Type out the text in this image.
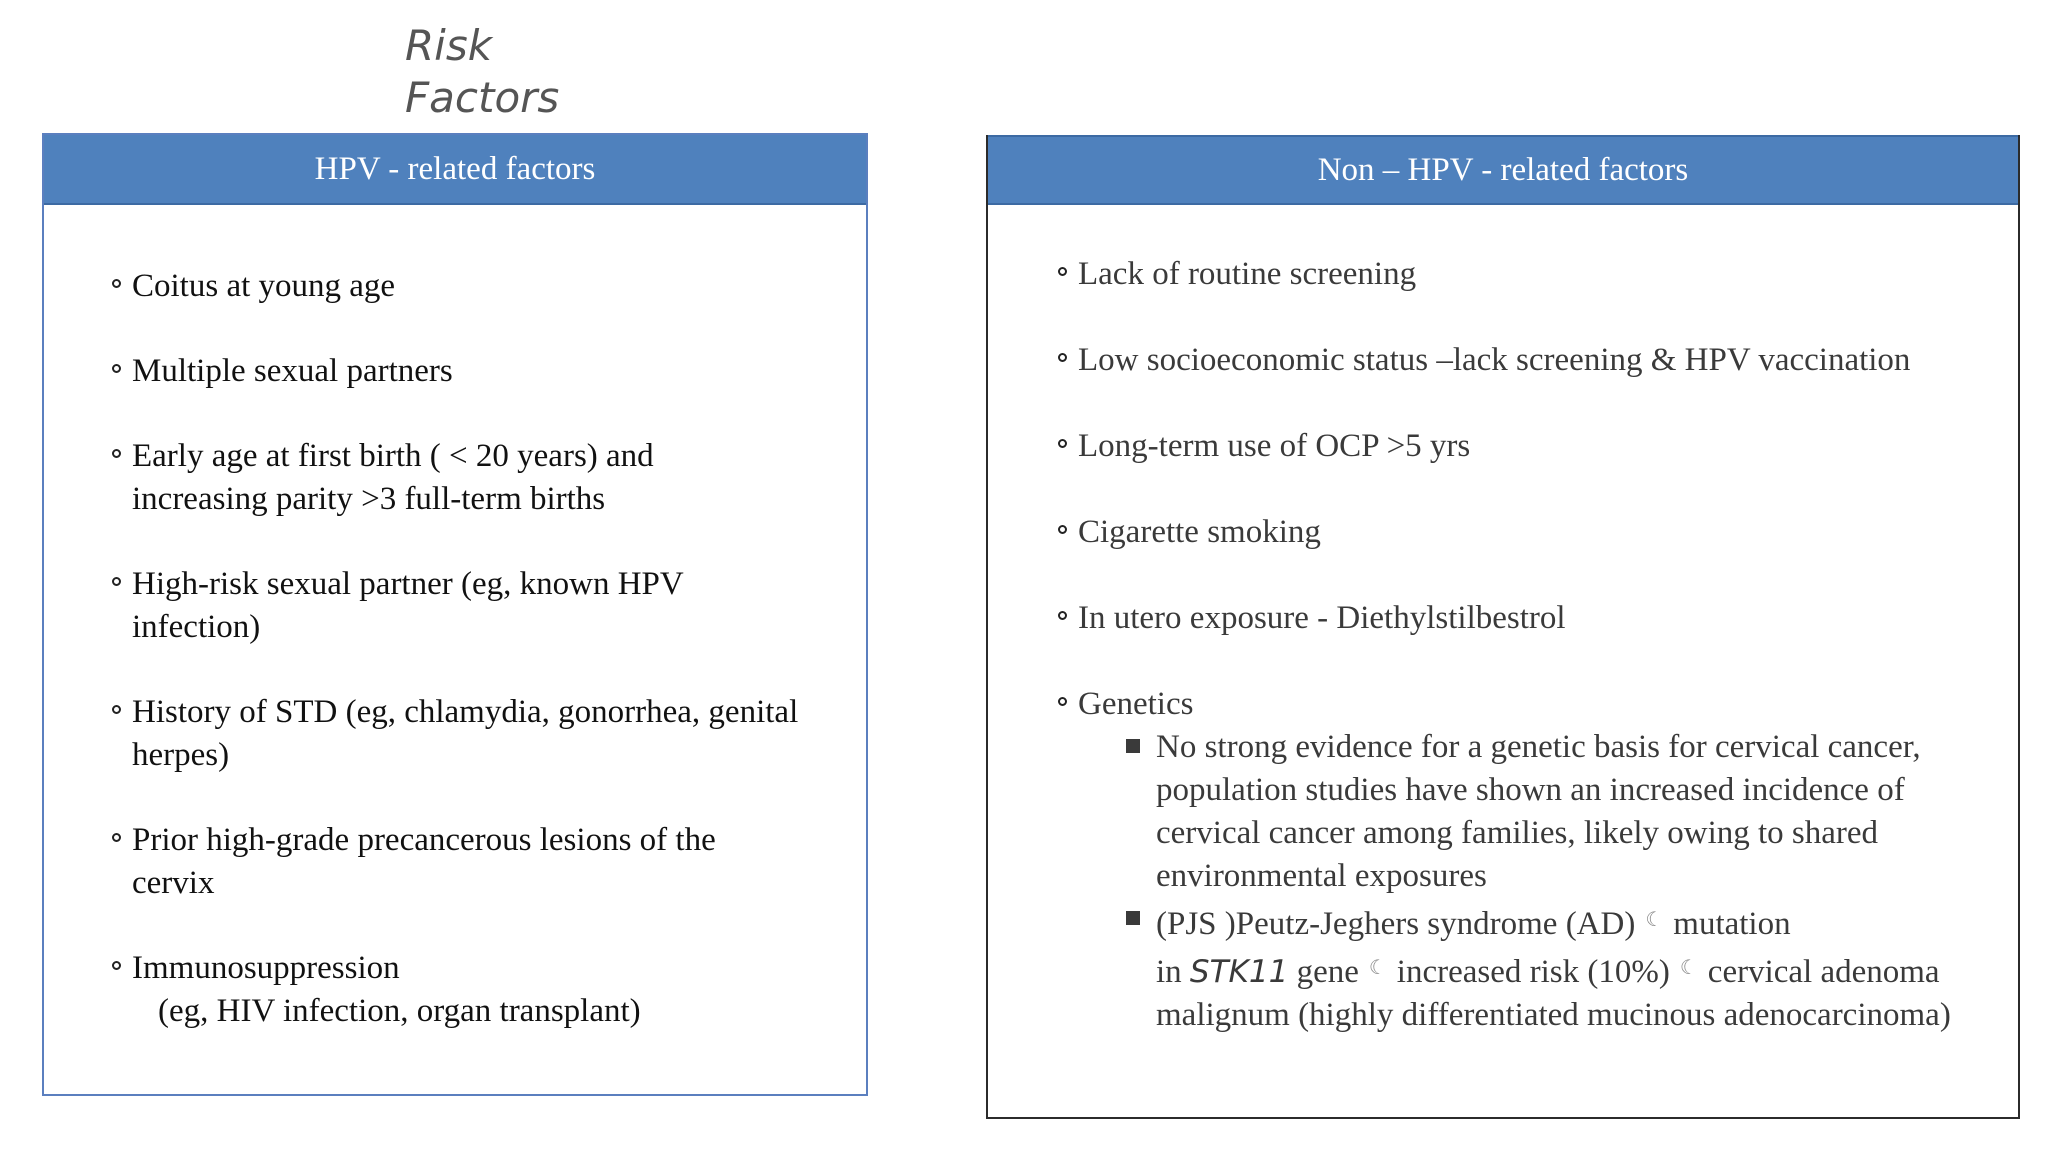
Risk
Factors
HPV - related factors
Coitus at young age
Multiple sexual partners
Early age at first birth ( < 20 years) and
increasing parity >3 full-term births
High-risk sexual partner (eg, known HPV
infection)
History of STD (eg, chlamydia, gonorrhea, genital
herpes)
Prior high-grade precancerous lesions of the
cervix
Immunosuppression
(eg, HIV infection, organ transplant)
Non – HPV - related factors
Lack of routine screening
Low socioeconomic status –lack screening & HPV vaccination
Long-term use of OCP >5 yrs
Cigarette smoking
In utero exposure - Diethylstilbestrol
Genetics
No strong evidence for a genetic basis for cervical cancer, population studies have shown an increased incidence of cervical cancer among families, likely owing to shared environmental exposures
(PJS )Peutz-Jeghers syndrome (AD) ☾ mutation
in STK11 gene ☾ increased risk (10%) ☾ cervical adenoma malignum (highly differentiated mucinous adenocarcinoma)
